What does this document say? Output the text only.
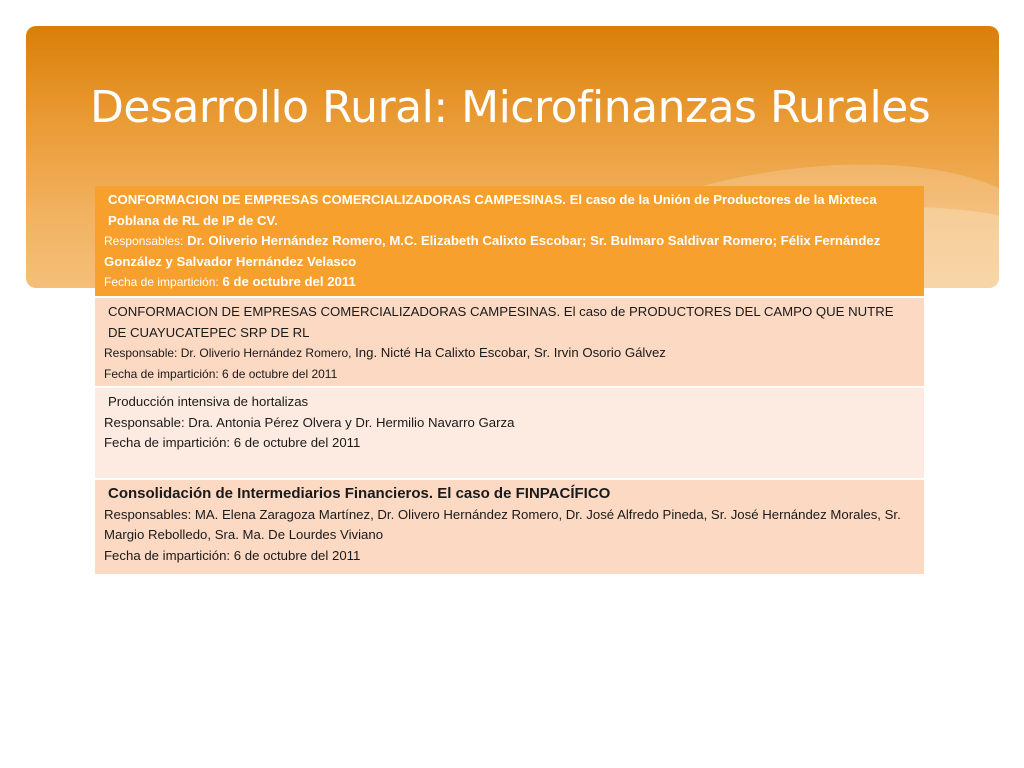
Desarrollo Rural: Microfinanzas Rurales
CONFORMACION DE EMPRESAS COMERCIALIZADORAS CAMPESINAS. El caso de la Unión de Productores de la Mixteca Poblana de RL de IP de CV.
Responsables: Dr. Oliverio Hernández Romero, M.C. Elizabeth Calixto Escobar; Sr. Bulmaro Saldivar Romero; Félix Fernández González y Salvador Hernández Velasco
Fecha de impartición: 6 de octubre del 2011
CONFORMACION DE EMPRESAS COMERCIALIZADORAS CAMPESINAS. El caso de PRODUCTORES DEL CAMPO QUE NUTRE DE CUAYUCATEPEC SRP DE RL
Responsable: Dr. Oliverio Hernández Romero, Ing. Nicté Ha Calixto Escobar, Sr. Irvin Osorio Gálvez
Fecha de impartición: 6 de octubre del 2011
Producción intensiva de hortalizas
Responsable: Dra. Antonia Pérez Olvera y Dr. Hermilio Navarro Garza
Fecha de impartición: 6 de octubre del 2011
Consolidación de Intermediarios Financieros. El caso de FINPACÍFICO
Responsables: MA. Elena Zaragoza Martínez, Dr. Olivero Hernández Romero, Dr. José Alfredo Pineda, Sr. José Hernández Morales, Sr. Margio Rebolledo, Sra. Ma. De Lourdes Viviano
Fecha de impartición: 6 de octubre del 2011
